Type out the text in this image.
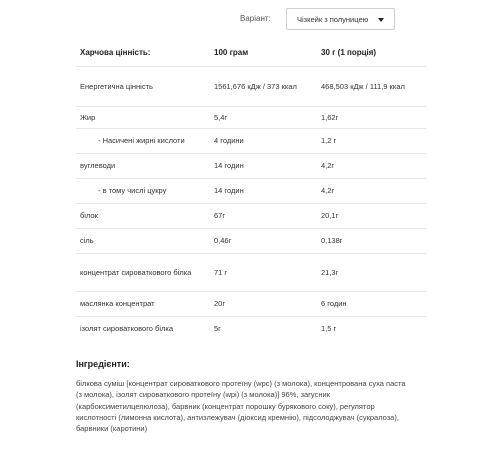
Варіант:	Чізкейк з полуницею
Харчова цінність:	100 грам	30 г (1 порція)
Енергетична цінність	1561,676 кДж / 373 ккал	468,503 кДж / 111,9 ккал
Жир	5,4г	1,62г
- Насичені жирні кислоти	4 години	1,2 г
вуглеводи	14 годин	4,2г
- в тому числі цукру	14 годин	4,2г
білок	67г	20,1г
сіль	0,46г	0,138г
концентрат сироваткового білка	71 г	21,3г
маслянка концентрат	20г	6 годин
ізолят сироваткового білка	5г	1,5 г
Інгредієнти:
білкова суміш [концентрат сироваткового протеїну (wpc) (з молока), концентрована суха паста (з молока), ізолят сироваткового протеїну (wpi) (з молока)] 96%, загусник (карбоксиметилцелюлоза), барвник (концентрат порошку бурякового соку), регулятор кислотності (лимонна кислота), антизлежувач (діоксид кремнію), підсолоджувач (сукралоза), барвники (каротини)
